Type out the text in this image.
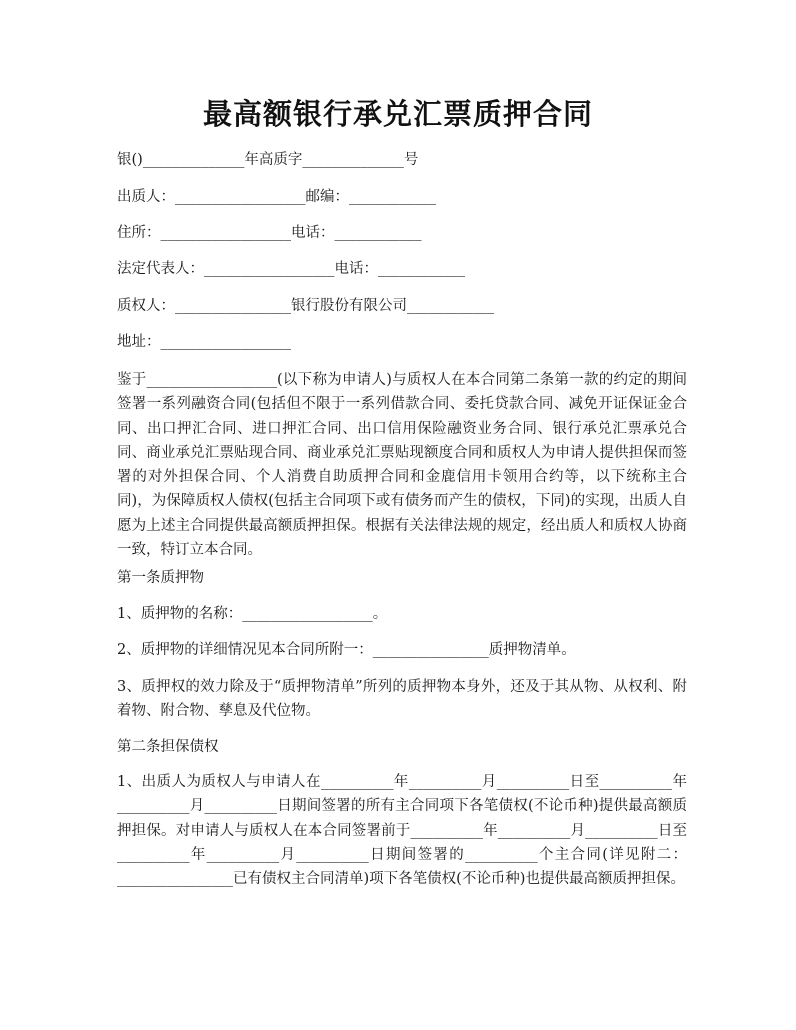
最高额银行承兑汇票质押合同
银()______________年高质字______________号
出质人：__________________邮编：____________
住所：__________________电话：____________
法定代表人：__________________电话：____________
质权人：________________银行股份有限公司____________
地址：__________________

鉴于__________________(以下称为申请人)与质权人在本合同第二条第一款的约定的期间签署一系列融资合同(包括但不限于一系列借款合同、委托贷款合同、减免开证保证金合同、出口押汇合同、进口押汇合同、出口信用保险融资业务合同、银行承兑汇票承兑合同、商业承兑汇票贴现合同、商业承兑汇票贴现额度合同和质权人为申请人提供担保而签署的对外担保合同、个人消费自助质押合同和金鹿信用卡领用合约等，以下统称主合同)，为保障质权人债权(包括主合同项下或有债务而产生的债权，下同)的实现，出质人自愿为上述主合同提供最高额质押担保。根据有关法律法规的规定，经出质人和质权人协商一致，特订立本合同。

第一条质押物
1、质押物的名称：__________________。
2、质押物的详细情况见本合同所附一：________________质押物清单。

3、质押权的效力除及于“质押物清单”所列的质押物本身外，还及于其从物、从权利、附着物、附合物、孳息及代位物。

第二条担保债权

1、出质人为质权人与申请人在__________年__________月__________日至__________年__________月__________日期间签署的所有主合同项下各笔债权(不论币种)提供最高额质押担保。对申请人与质权人在本合同签署前于__________年__________月__________日至__________年__________月__________日期间签署的__________个主合同(详见附二：________________已有债权主合同清单)项下各笔债权(不论币种)也提供最高额质押担保。
